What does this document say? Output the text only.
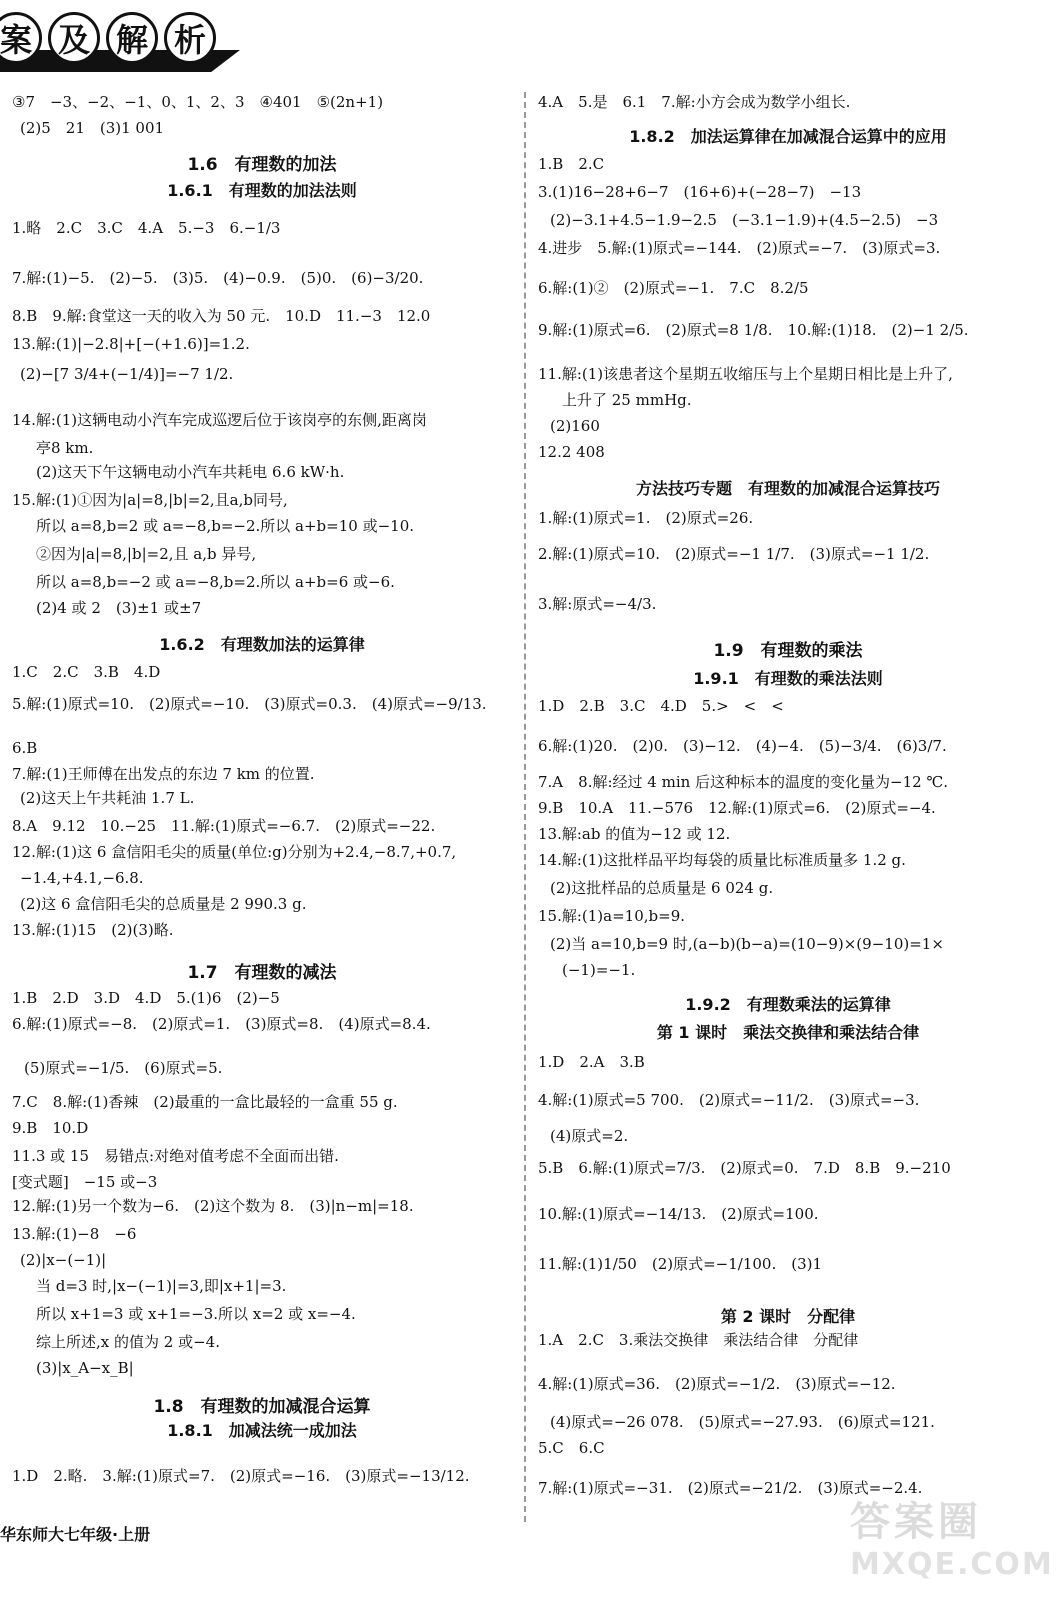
案 及 解 析
③7　−3、−2、−1、0、1、2、3　④401　⑤(2n+1)
(2)5　21　(3)1 001
1.6　有理数的加法
1.6.1　有理数的加法法则
1.略　2.C　3.C　4.A　5.−3　6.−1/3
7.解:(1)−5.　(2)−5.　(3)5.　(4)−0.9.　(5)0.　(6)−3/20.
8.B　9.解:食堂这一天的收入为 50 元.　10.D　11.−3　12.0
13.解:(1)|−2.8|+[−(+1.6)]=1.2.
(2)−[7 3/4+(−1/4)]=−7 1/2.
14.解:(1)这辆电动小汽车完成巡逻后位于该岗亭的东侧,距离岗
亭8 km.
(2)这天下午这辆电动小汽车共耗电 6.6 kW·h.
15.解:(1)①因为|a|=8,|b|=2,且a,b同号,
所以 a=8,b=2 或 a=−8,b=−2.所以 a+b=10 或−10.
②因为|a|=8,|b|=2,且 a,b 异号,
所以 a=8,b=−2 或 a=−8,b=2.所以 a+b=6 或−6.
(2)4 或 2　(3)±1 或±7
1.6.2　有理数加法的运算律
1.C　2.C　3.B　4.D
5.解:(1)原式=10.　(2)原式=−10.　(3)原式=0.3.　(4)原式=−9/13.
6.B
7.解:(1)王师傅在出发点的东边 7 km 的位置.
(2)这天上午共耗油 1.7 L.
8.A　9.12　10.−25　11.解:(1)原式=−6.7.　(2)原式=−22.
12.解:(1)这 6 盒信阳毛尖的质量(单位:g)分别为+2.4,−8.7,+0.7,
−1.4,+4.1,−6.8.
(2)这 6 盒信阳毛尖的总质量是 2 990.3 g.
13.解:(1)15　(2)(3)略.
1.7　有理数的减法
1.B　2.D　3.D　4.D　5.(1)6　(2)−5
6.解:(1)原式=−8.　(2)原式=1.　(3)原式=8.　(4)原式=8.4.
(5)原式=−1/5.　(6)原式=5.
7.C　8.解:(1)香辣　(2)最重的一盒比最轻的一盒重 55 g.
9.B　10.D
11.3 或 15　易错点:对绝对值考虑不全面而出错.
[变式题]　−15 或−3
12.解:(1)另一个数为−6.　(2)这个数为 8.　(3)|n−m|=18.
13.解:(1)−8　−6
(2)|x−(−1)|
当 d=3 时,|x−(−1)|=3,即|x+1|=3.
所以 x+1=3 或 x+1=−3.所以 x=2 或 x=−4.
综上所述,x 的值为 2 或−4.
(3)|x_A−x_B|
1.8　有理数的加减混合运算
1.8.1　加减法统一成加法
1.D　2.略.　3.解:(1)原式=7.　(2)原式=−16.　(3)原式=−13/12.
4.A　5.是　6.1　7.解:小方会成为数学小组长.
1.8.2　加法运算律在加减混合运算中的应用
1.B　2.C
3.(1)16−28+6−7　(16+6)+(−28−7)　−13
(2)−3.1+4.5−1.9−2.5　(−3.1−1.9)+(4.5−2.5)　−3
4.进步　5.解:(1)原式=−144.　(2)原式=−7.　(3)原式=3.
6.解:(1)②　(2)原式=−1.　7.C　8.2/5
9.解:(1)原式=6.　(2)原式=8 1/8.　10.解:(1)18.　(2)−1 2/5.
11.解:(1)该患者这个星期五收缩压与上个星期日相比是上升了,
上升了 25 mmHg.
(2)160
12.2 408
方法技巧专题　有理数的加减混合运算技巧
1.解:(1)原式=1.　(2)原式=26.
2.解:(1)原式=10.　(2)原式=−1 1/7.　(3)原式=−1 1/2.
3.解:原式=−4/3.
1.9　有理数的乘法
1.9.1　有理数的乘法法则
1.D　2.B　3.C　4.D　5.>　<　<
6.解:(1)20.　(2)0.　(3)−12.　(4)−4.　(5)−3/4.　(6)3/7.
7.A　8.解:经过 4 min 后这种标本的温度的变化量为−12 ℃.
9.B　10.A　11.−576　12.解:(1)原式=6.　(2)原式=−4.
13.解:ab 的值为−12 或 12.
14.解:(1)这批样品平均每袋的质量比标准质量多 1.2 g.
(2)这批样品的总质量是 6 024 g.
15.解:(1)a=10,b=9.
(2)当 a=10,b=9 时,(a−b)(b−a)=(10−9)×(9−10)=1×
(−1)=−1.
1.9.2　有理数乘法的运算律
第 1 课时　乘法交换律和乘法结合律
1.D　2.A　3.B
4.解:(1)原式=5 700.　(2)原式=−11/2.　(3)原式=−3.
(4)原式=2.
5.B　6.解:(1)原式=7/3.　(2)原式=0.　7.D　8.B　9.−210
10.解:(1)原式=−14/13.　(2)原式=100.
11.解:(1)1/50　(2)原式=−1/100.　(3)1
第 2 课时　分配律
1.A　2.C　3.乘法交换律　乘法结合律　分配律
4.解:(1)原式=36.　(2)原式=−1/2.　(3)原式=−12.
(4)原式=−26 078.　(5)原式=−27.93.　(6)原式=121.
5.C　6.C
7.解:(1)原式=−31.　(2)原式=−21/2.　(3)原式=−2.4.
华东师大七年级·上册	答案圈
MXQE.COM
